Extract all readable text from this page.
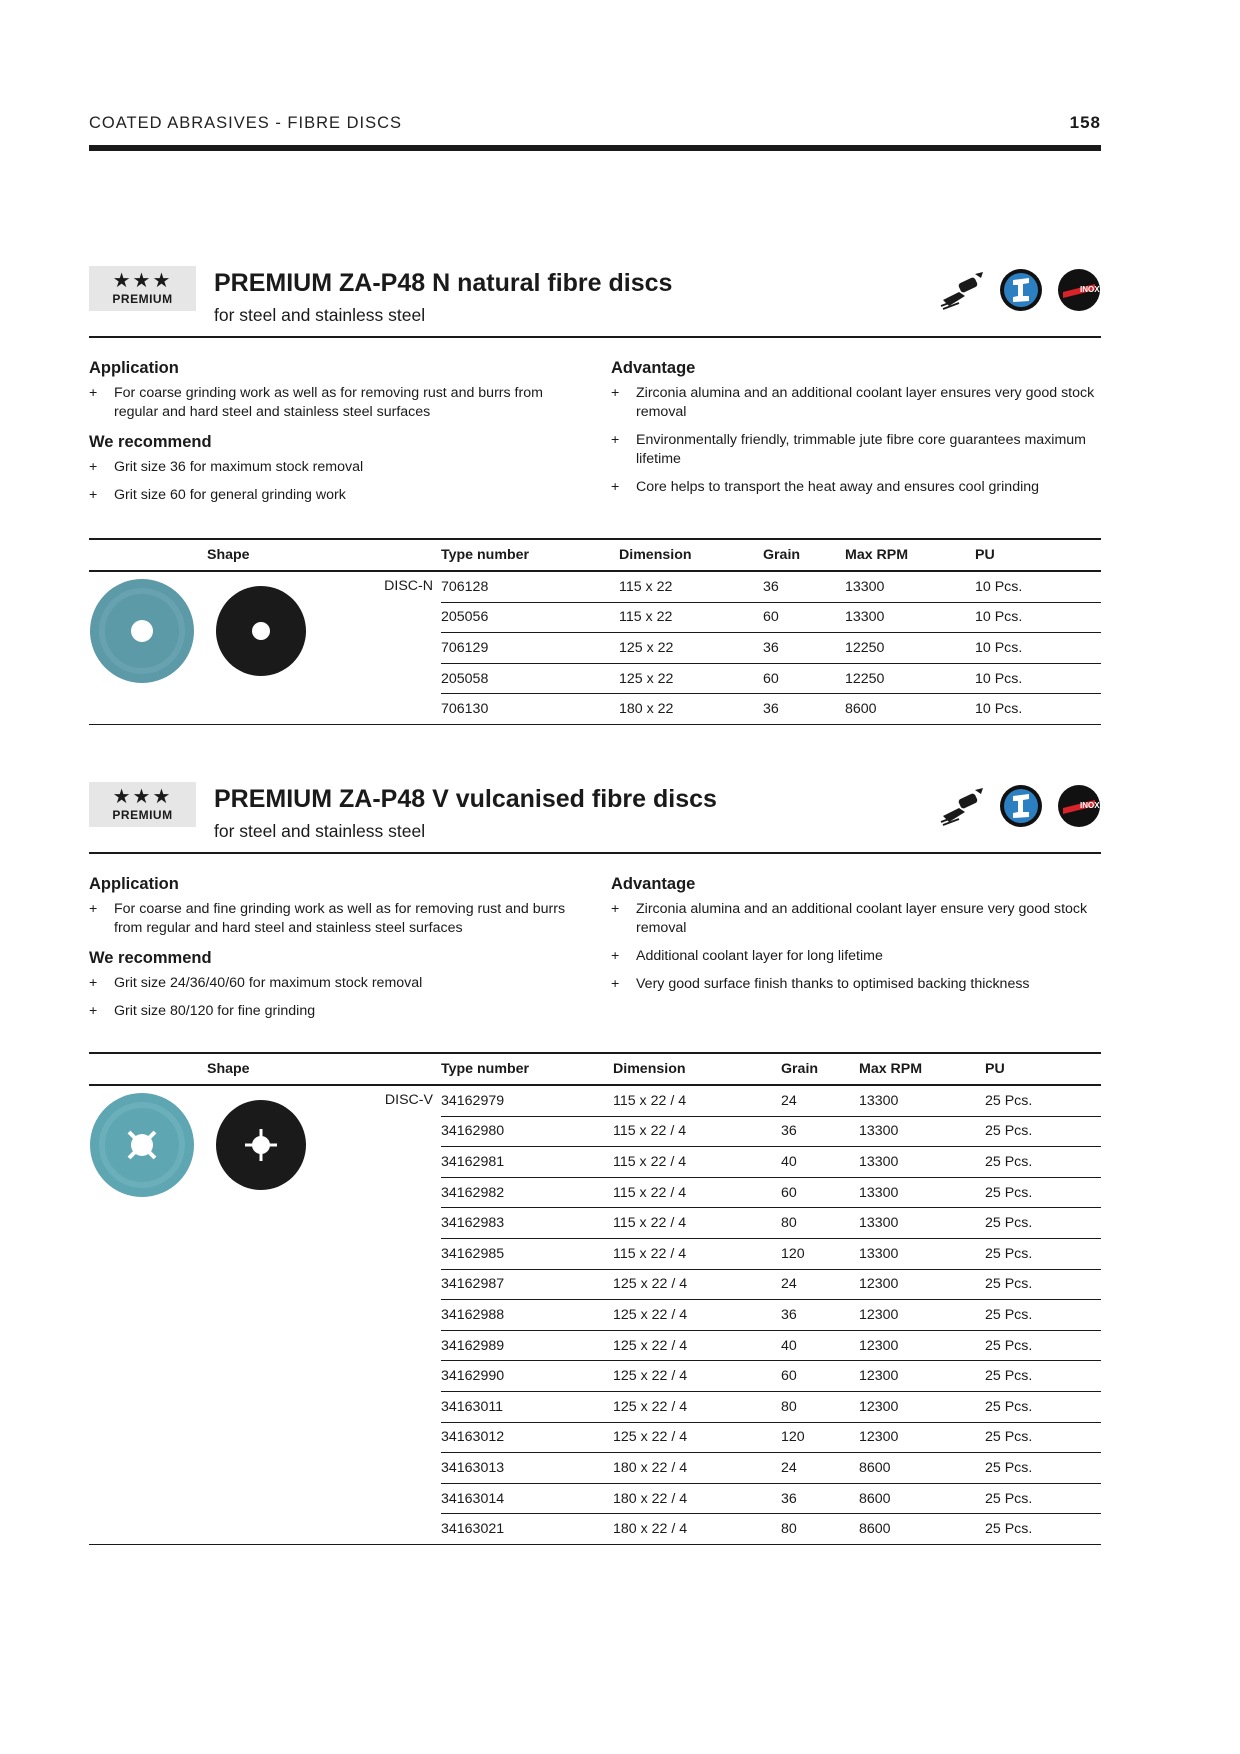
COATED ABRASIVES - FIBRE DISCS	158
★★★
PREMIUM
PREMIUM ZA-P48 N natural fibre discs
for steel and stainless steel
INOX
Application
+ For coarse grinding work as well as for removing rust and burrs from regular and hard steel and stainless steel surfaces
We recommend
+ Grit size 36 for maximum stock removal
+ Grit size 60 for general grinding work
Advantage
+ Zirconia alumina and an additional coolant layer ensures very good stock removal
+ Environmentally friendly, trimmable jute fibre core guarantees maximum lifetime
+ Core helps to transport the heat away and ensures cool grinding
Shape	Type number	Dimension	Grain	Max RPM	PU

DISC-N	706128	115 x 22	36	13300	10 Pcs.
	205056	115 x 22	60	13300	10 Pcs.
	706129	125 x 22	36	12250	10 Pcs.
	205058	125 x 22	60	12250	10 Pcs.
	706130	180 x 22	36	8600	10 Pcs.
★★★
PREMIUM
PREMIUM ZA-P48 V vulcanised fibre discs
for steel and stainless steel
INOX
Application
+ For coarse and fine grinding work as well as for removing rust and burrs from regular and hard steel and stainless steel surfaces
We recommend
+ Grit size 24/36/40/60 for maximum stock removal
+ Grit size 80/120 for fine grinding
Advantage
+ Zirconia alumina and an additional coolant layer ensure very good stock removal
+ Additional coolant layer for long lifetime
+ Very good surface finish thanks to optimised backing thickness
Shape	Type number	Dimension	Grain	Max RPM	PU

DISC-V	34162979	115 x 22 / 4	24	13300	25 Pcs.
	34162980	115 x 22 / 4	36	13300	25 Pcs.
	34162981	115 x 22 / 4	40	13300	25 Pcs.
	34162982	115 x 22 / 4	60	13300	25 Pcs.
	34162983	115 x 22 / 4	80	13300	25 Pcs.
	34162985	115 x 22 / 4	120	13300	25 Pcs.
	34162987	125 x 22 / 4	24	12300	25 Pcs.
	34162988	125 x 22 / 4	36	12300	25 Pcs.
	34162989	125 x 22 / 4	40	12300	25 Pcs.
	34162990	125 x 22 / 4	60	12300	25 Pcs.
	34163011	125 x 22 / 4	80	12300	25 Pcs.
	34163012	125 x 22 / 4	120	12300	25 Pcs.
	34163013	180 x 22 / 4	24	8600	25 Pcs.
	34163014	180 x 22 / 4	36	8600	25 Pcs.
	34163021	180 x 22 / 4	80	8600	25 Pcs.
